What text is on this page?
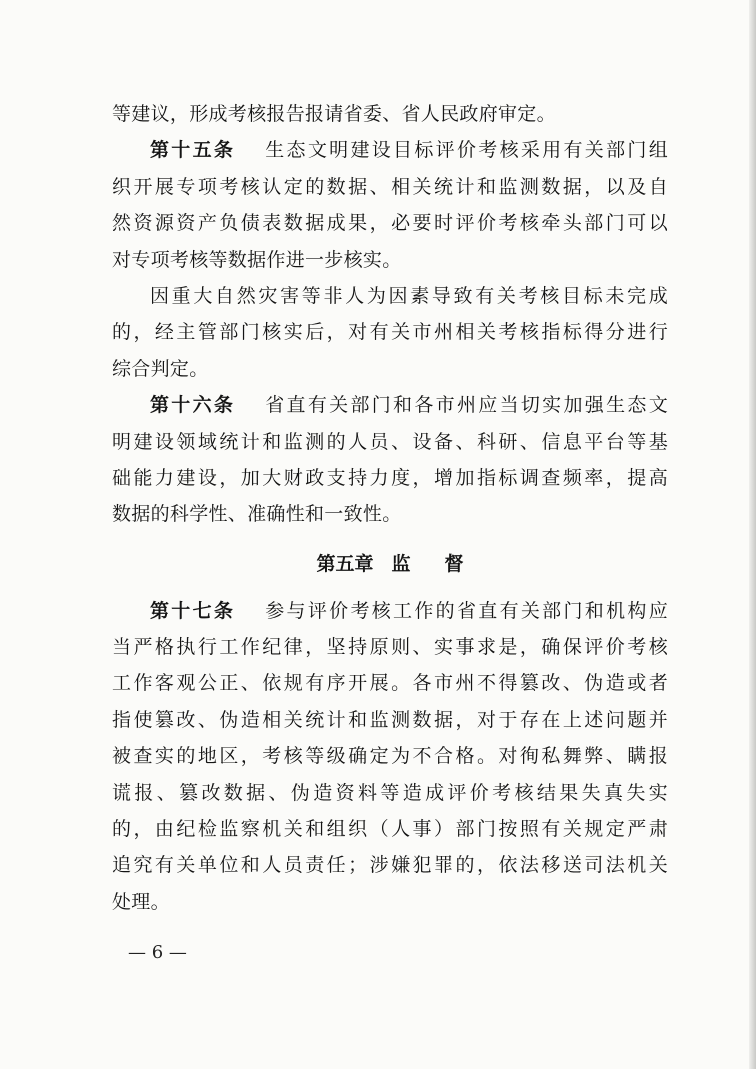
等建议，形成考核报告报请省委、省人民政府审定。
第十五条 生态文明建设目标评价考核采用有关部门组
织开展专项考核认定的数据、相关统计和监测数据，以及自
然资源资产负债表数据成果，必要时评价考核牵头部门可以
对专项考核等数据作进一步核实。
因重大自然灾害等非人为因素导致有关考核目标未完成
的，经主管部门核实后，对有关市州相关考核指标得分进行
综合判定。
第十六条 省直有关部门和各市州应当切实加强生态文
明建设领域统计和监测的人员、设备、科研、信息平台等基
础能力建设，加大财政支持力度，增加指标调查频率，提高
数据的科学性、准确性和一致性。
第五章 监 督
第十七条 参与评价考核工作的省直有关部门和机构应
当严格执行工作纪律，坚持原则、实事求是，确保评价考核
工作客观公正、依规有序开展。各市州不得篡改、伪造或者
指使篡改、伪造相关统计和监测数据，对于存在上述问题并
被查实的地区，考核等级确定为不合格。对徇私舞弊、瞒报
谎报、篡改数据、伪造资料等造成评价考核结果失真失实
的，由纪检监察机关和组织（人事）部门按照有关规定严肃
追究有关单位和人员责任；涉嫌犯罪的，依法移送司法机关
处理。
— 6 —
